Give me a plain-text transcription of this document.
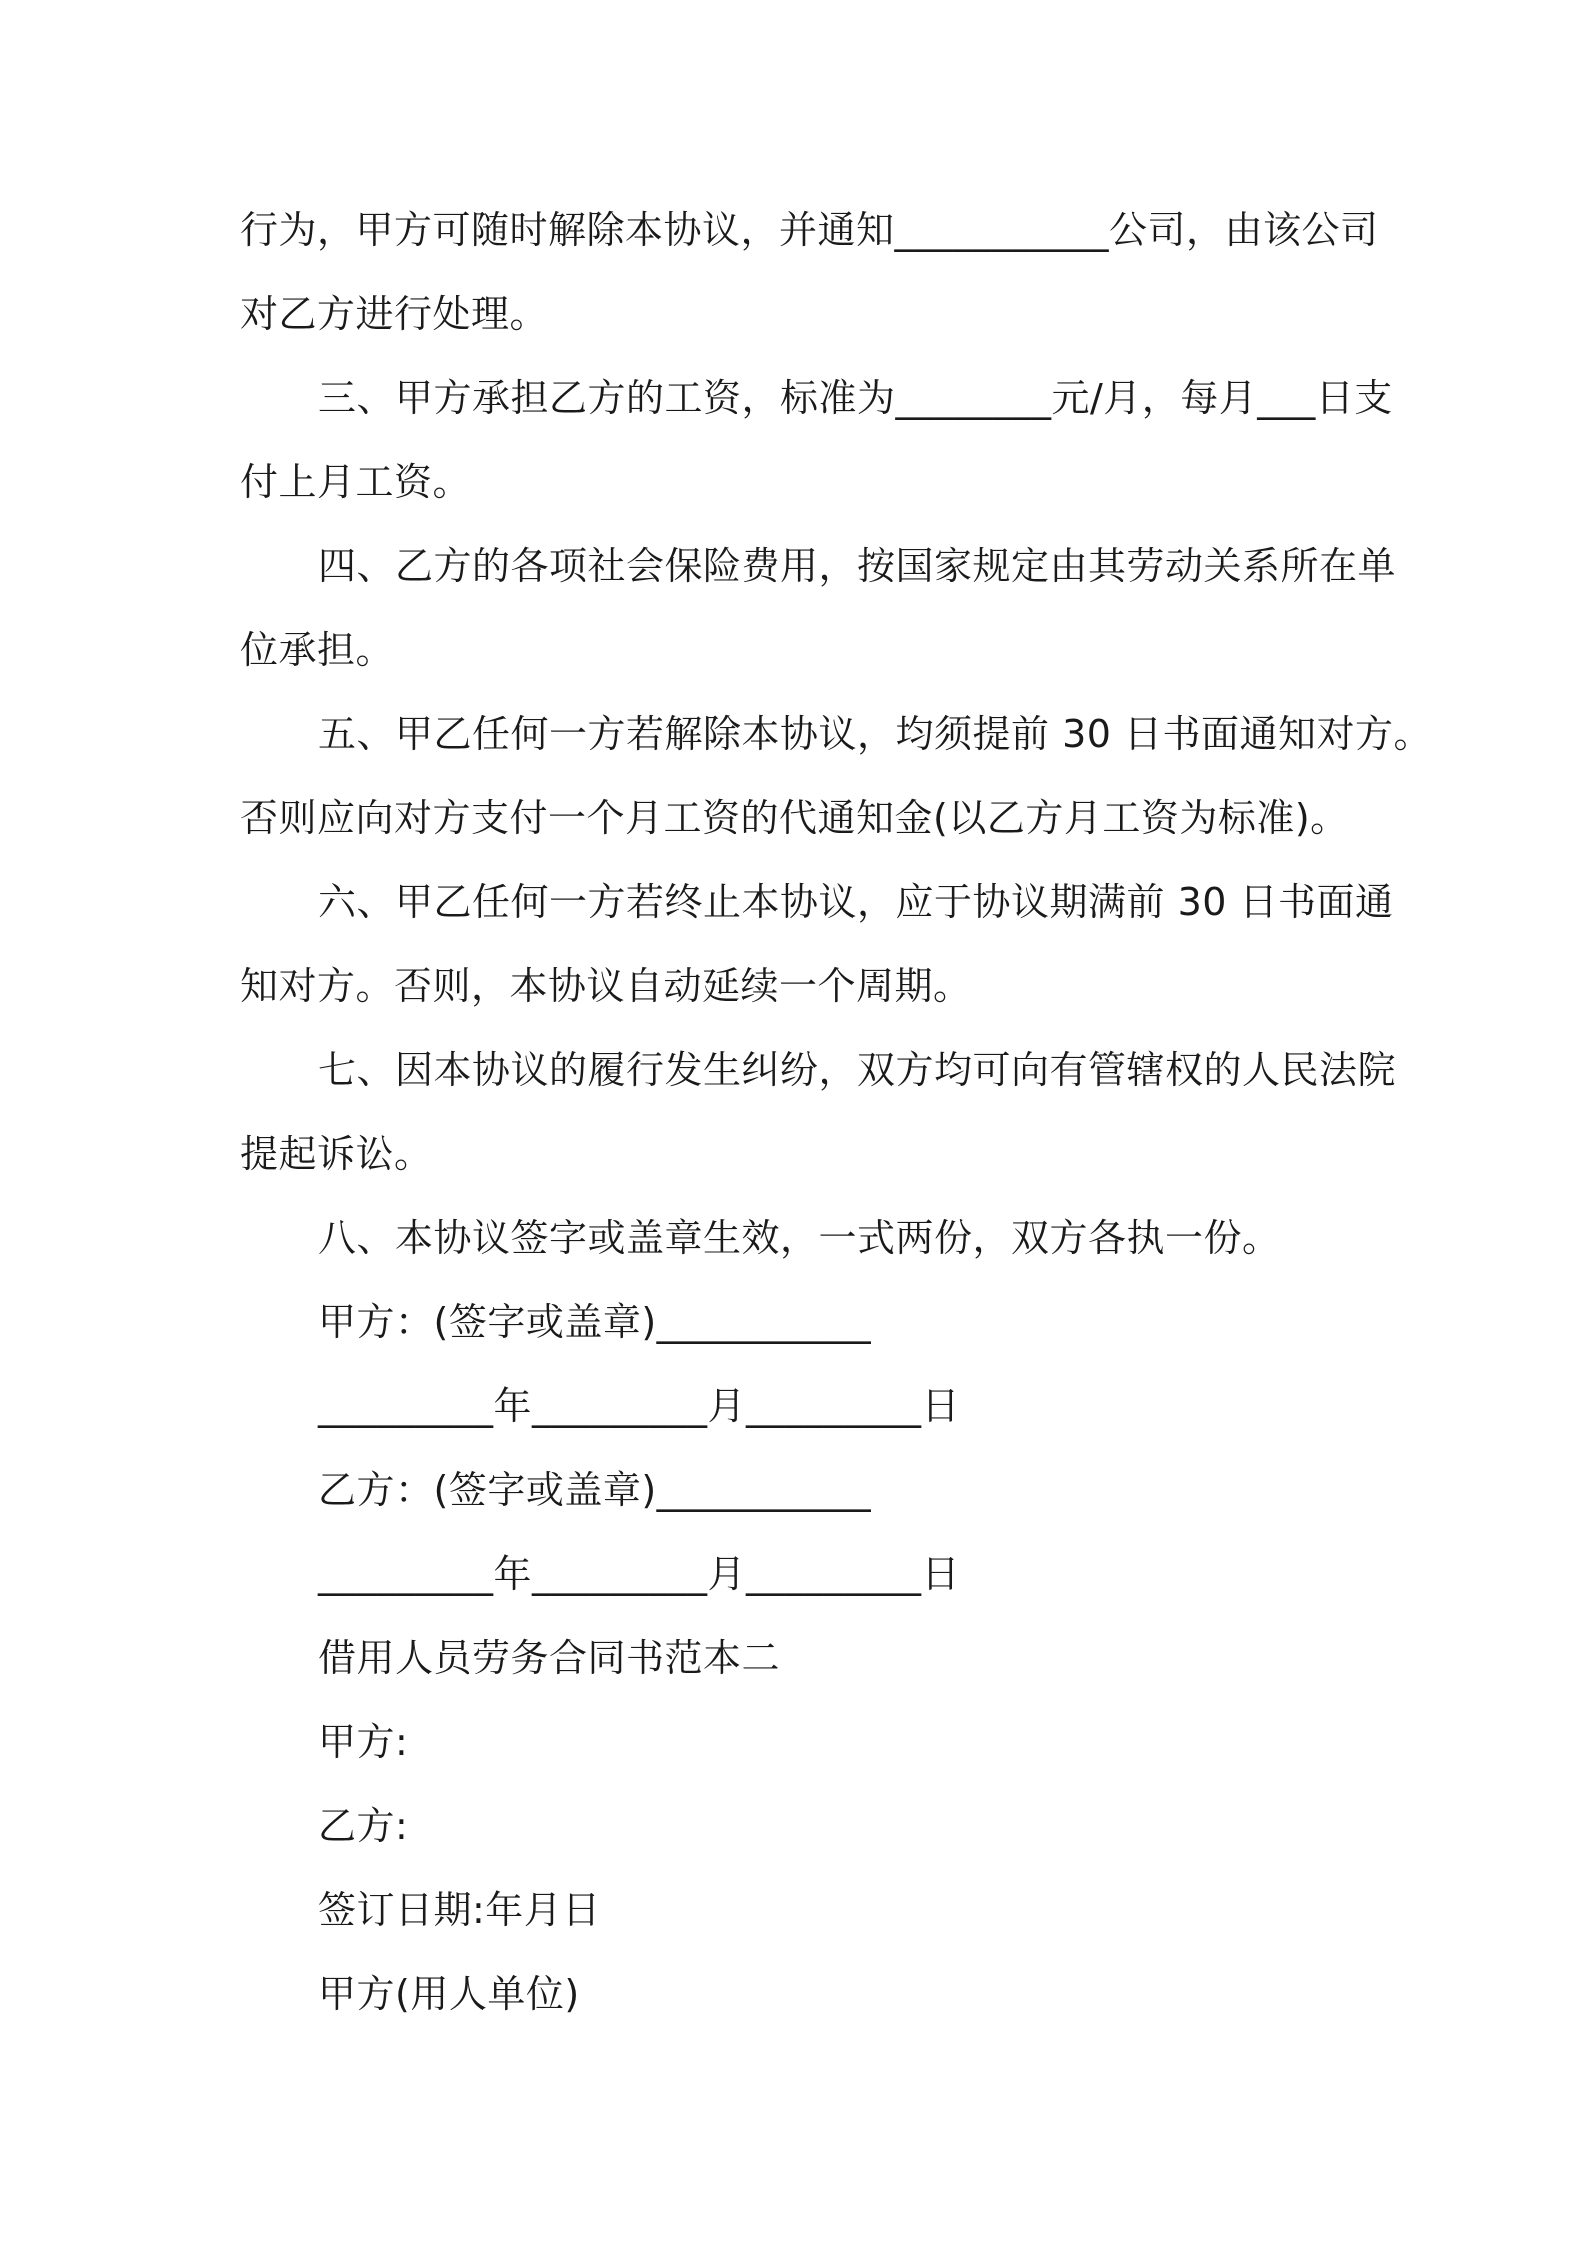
行为，甲方可随时解除本协议，并通知___________公司，由该公司
对乙方进行处理。
三、甲方承担乙方的工资，标准为________元/月，每月___日支
付上月工资。
四、乙方的各项社会保险费用，按国家规定由其劳动关系所在单
位承担。
五、甲乙任何一方若解除本协议，均须提前 30 日书面通知对方。
否则应向对方支付一个月工资的代通知金(以乙方月工资为标准)。
六、甲乙任何一方若终止本协议，应于协议期满前 30 日书面通
知对方。否则，本协议自动延续一个周期。
七、因本协议的履行发生纠纷，双方均可向有管辖权的人民法院
提起诉讼。
八、本协议签字或盖章生效，一式两份，双方各执一份。
甲方：(签字或盖章)___________
_________年_________月_________日
乙方：(签字或盖章)___________
_________年_________月_________日
借用人员劳务合同书范本二
甲方:
乙方:
签订日期:年月日
甲方(用人单位)
